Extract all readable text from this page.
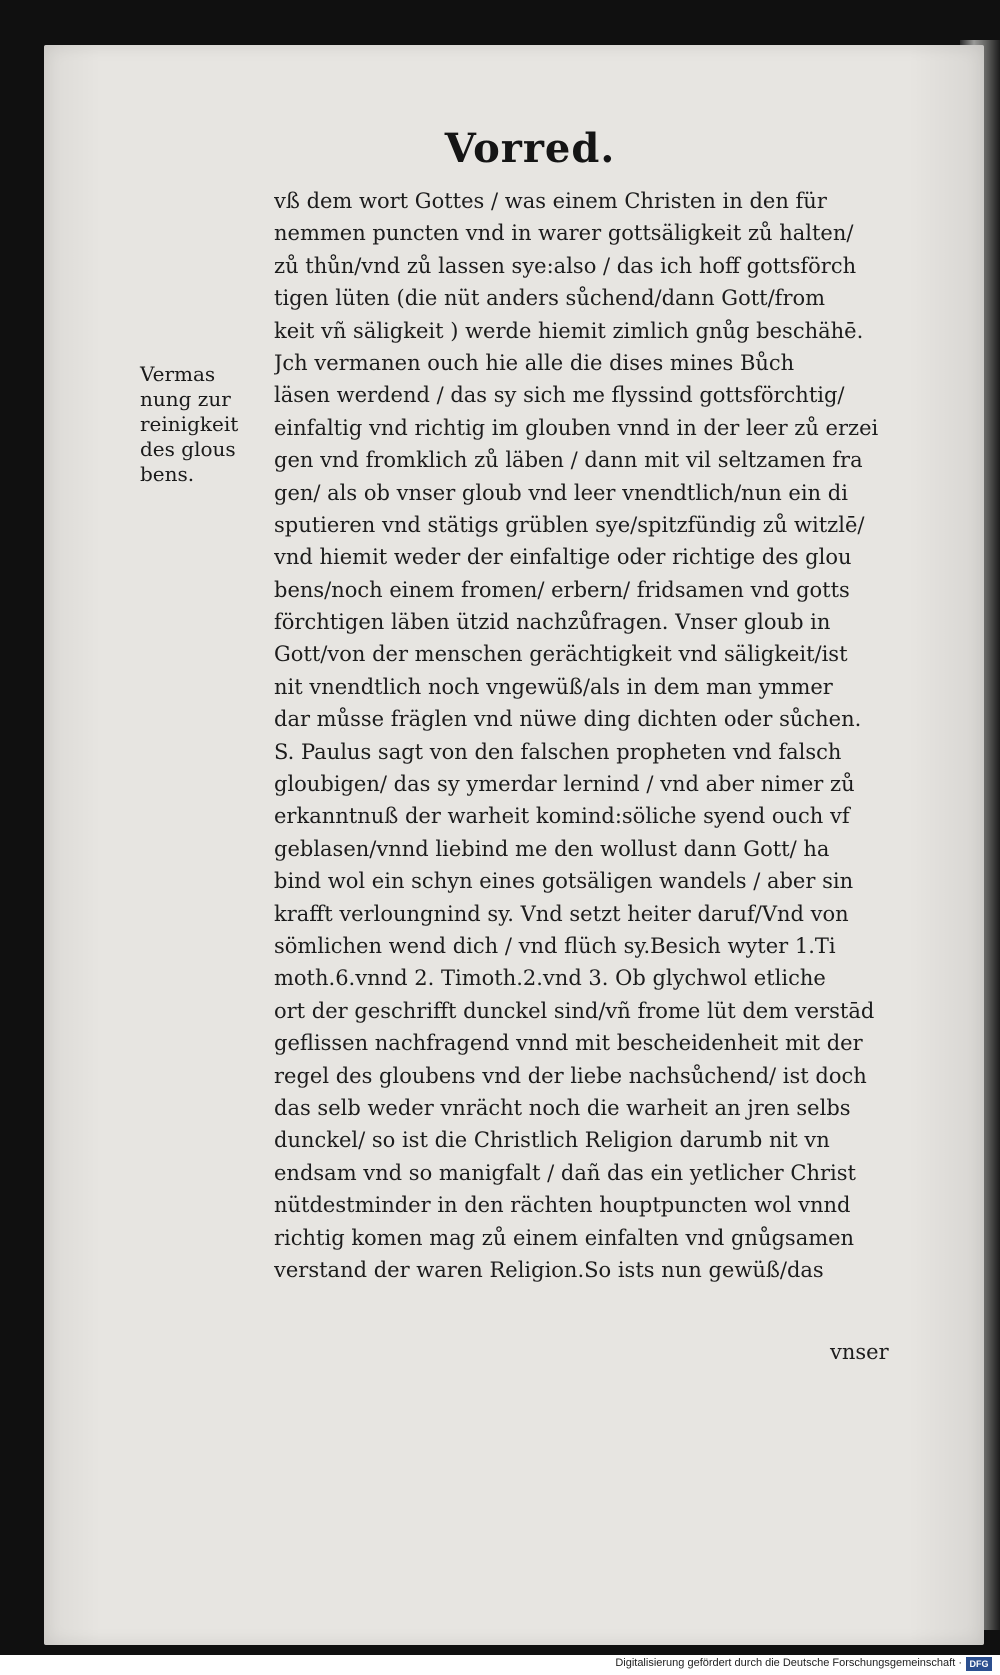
Vorred.
Vermas
nung zur
reinigkeit
des glous
bens.
vß dem wort Gottes / was einem Christen in den für
nemmen puncten vnd in warer gottsäligkeit zů halten/
zů thůn/vnd zů lassen sye:also / das ich hoff gottsförch
tigen lüten (die nüt anders sůchend/dann Gott/from
keit vñ säligkeit ) werde hiemit zimlich gnůg beschähē.
Jch vermanen ouch hie alle die dises mines Bůch
läsen werdend / das sy sich me flyssind gottsförchtig/
einfaltig vnd richtig im glouben vnnd in der leer zů erzei
gen vnd fromklich zů läben / dann mit vil seltzamen fra
gen/ als ob vnser gloub vnd leer vnendtlich/nun ein di
sputieren vnd stätigs grüblen sye/spitzfündig zů witzlē/
vnd hiemit weder der einfaltige oder richtige des glou
bens/noch einem fromen/ erbern/ fridsamen vnd gotts
förchtigen läben ützid nachzůfragen. Vnser gloub in
Gott/von der menschen gerächtigkeit vnd säligkeit/ist
nit vnendtlich noch vngewüß/als in dem man ymmer
dar můsse fräglen vnd nüwe ding dichten oder sůchen.
S. Paulus sagt von den falschen propheten vnd falsch
gloubigen/ das sy ymerdar lernind / vnd aber nimer zů
erkanntnuß der warheit komind:söliche syend ouch vf
geblasen/vnnd liebind me den wollust dann Gott/ ha
bind wol ein schyn eines gotsäligen wandels / aber sin
krafft verloungnind sy. Vnd setzt heiter daruf/Vnd von
sömlichen wend dich / vnd flüch sy.Besich wyter 1.Ti
moth.6.vnnd 2. Timoth.2.vnd 3. Ob glychwol etliche
ort der geschrifft dunckel sind/vñ frome lüt dem verstād
geflissen nachfragend vnnd mit bescheidenheit mit der
regel des gloubens vnd der liebe nachsůchend/ ist doch
das selb weder vnrächt noch die warheit an jren selbs
dunckel/ so ist die Christlich Religion darumb nit vn
endsam vnd so manigfalt / dañ das ein yetlicher Christ
nütdestminder in den rächten houptpuncten wol vnnd
richtig komen mag zů einem einfalten vnd gnůgsamen
verstand der waren Religion.So ists nun gewüß/das
vnser
Digitalisierung gefördert durch die Deutsche Forschungsgemeinschaft · DFG
